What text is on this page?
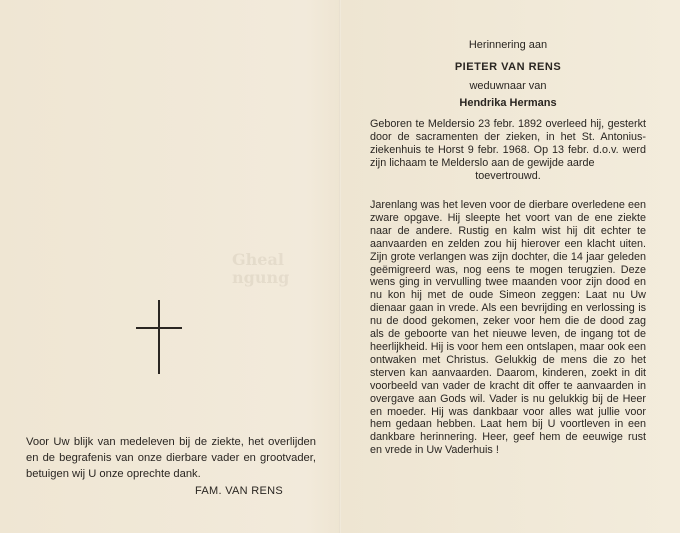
Gheal
ngung
Voor Uw blijk van medeleven bij de ziekte, het overlijden en de begrafenis van onze dierbare vader en grootvader, betuigen wij U onze oprechte dank.
FAM. VAN RENS
Herinnering aan
PIETER VAN RENS
weduwnaar van
Hendrika Hermans
Geboren te Meldersio 23 febr. 1892 overleed hij, gesterkt door de sacramenten der zieken, in het St. Antonius-ziekenhuis te Horst 9 febr. 1968. Op 13 febr. d.o.v. werd zijn lichaam te Melderslo aan de gewijde aarde
toevertrouwd.
Jarenlang was het leven voor de dierbare overledene een zware opgave. Hij sleepte het voort van de ene ziekte naar de andere. Rustig en kalm wist hij dit echter te aanvaarden en zelden zou hij hierover een klacht uiten. Zijn grote verlangen was zijn dochter, die 14 jaar geleden geëmigreerd was, nog eens te mogen terugzien. Deze wens ging in vervulling twee maanden voor zijn dood en nu kon hij met de oude Simeon zeggen: Laat nu Uw dienaar gaan in vrede. Als een bevrijding en verlossing is nu de dood gekomen, zeker voor hem die de dood zag als de geboorte van het nieuwe leven, de ingang tot de heerlijkheid. Hij is voor hem een ontslapen, maar ook een ontwaken met Christus. Gelukkig de mens die zo het sterven kan aanvaarden. Daarom, kinderen, zoekt in dit voorbeeld van vader de kracht dit offer te aanvaarden in overgave aan Gods wil. Vader is nu gelukkig bij de Heer en moeder. Hij was dankbaar voor alles wat jullie voor hem gedaan hebben. Laat hem bij U voortleven in een dankbare herinnering. Heer, geef hem de eeuwige rust en vrede in Uw Vaderhuis !
